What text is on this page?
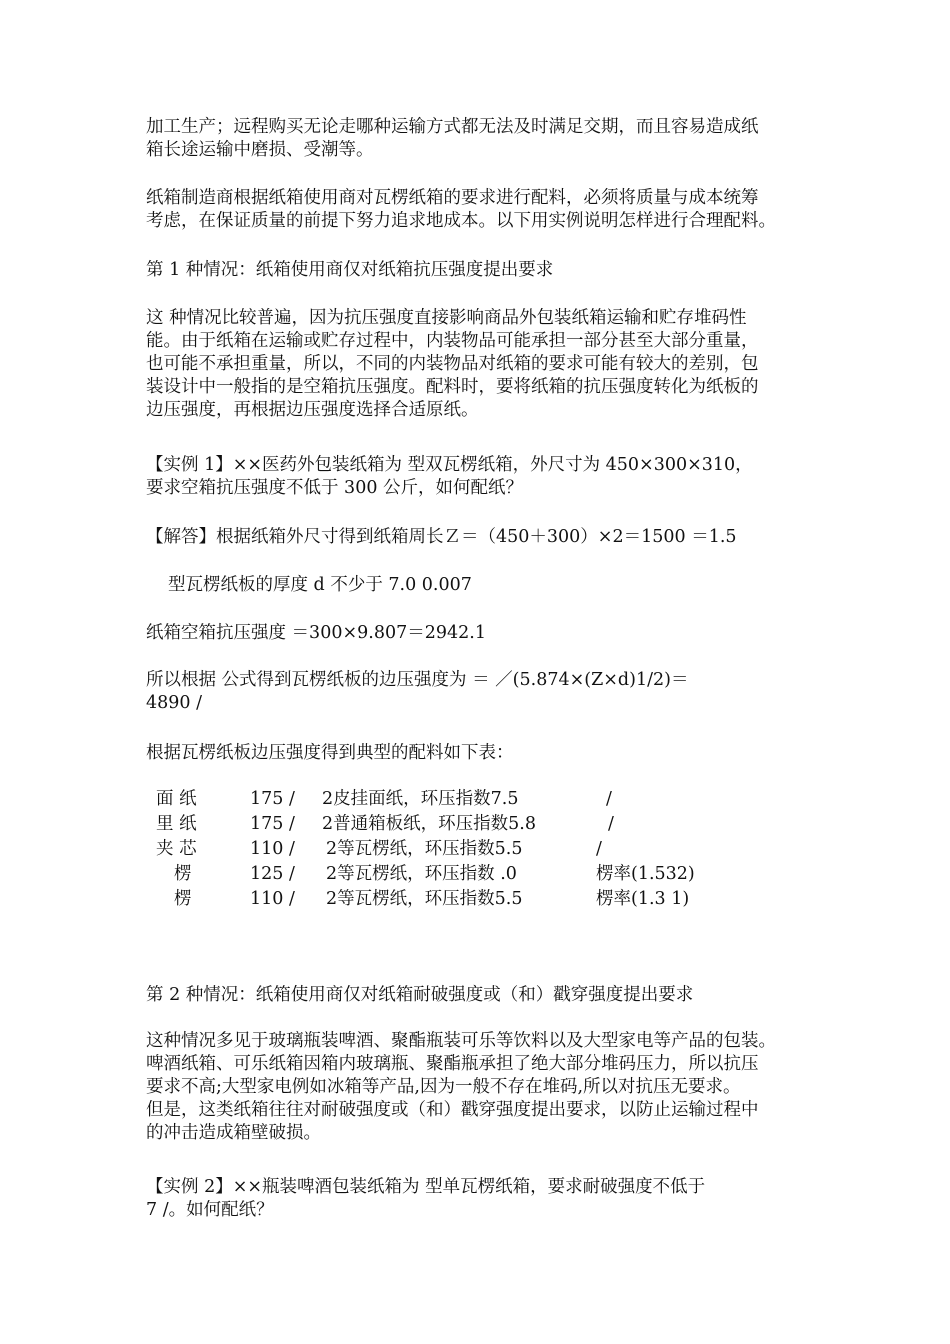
加工生产；远程购买无论走哪种运输方式都无法及时满足交期，而且容易造成纸
箱长途运输中磨损、受潮等。
纸箱制造商根据纸箱使用商对瓦楞纸箱的要求进行配料，必须将质量与成本统筹
考虑，在保证质量的前提下努力追求地成本。以下用实例说明怎样进行合理配料。
第 1 种情况：纸箱使用商仅对纸箱抗压强度提出要求
这 种情况比较普遍，因为抗压强度直接影响商品外包装纸箱运输和贮存堆码性
能。由于纸箱在运输或贮存过程中，内装物品可能承担一部分甚至大部分重量，
也可能不承担重量，所以，不同的内装物品对纸箱的要求可能有较大的差别，包
装设计中一般指的是空箱抗压强度。配料时，要将纸箱的抗压强度转化为纸板的
边压强度，再根据边压强度选择合适原纸。
【实例 1】××医药外包装纸箱为 型双瓦楞纸箱，外尺寸为 450×300×310，
要求空箱抗压强度不低于 300 公斤，如何配纸？
【解答】根据纸箱外尺寸得到纸箱周长Ｚ＝（450＋300）×2＝1500 ＝1.5
型瓦楞纸板的厚度 d 不少于 7.0 0.007
纸箱空箱抗压强度 ＝300×9.807＝2942.1
所以根据 公式得到瓦楞纸板的边压强度为 ＝ ／(5.874×(Z×d)1/2)＝
4890 /
根据瓦楞纸板边压强度得到典型的配料如下表：
面 纸	175 / 2皮挂面纸，环压指数7.5	/
里 纸	175 / 2普通箱板纸，环压指数5.8	/
夹 芯	110 / 2等瓦楞纸，环压指数5.5	/
楞	125 / 2等瓦楞纸，环压指数 .0	楞率(1.532)
楞	110 / 2等瓦楞纸，环压指数5.5	楞率(1.3 1)
第 2 种情况：纸箱使用商仅对纸箱耐破强度或（和）戳穿强度提出要求
这种情况多见于玻璃瓶装啤酒、聚酯瓶装可乐等饮料以及大型家电等产品的包装。
啤酒纸箱、可乐纸箱因箱内玻璃瓶、聚酯瓶承担了绝大部分堆码压力，所以抗压
要求不高;大型家电例如冰箱等产品,因为一般不存在堆码,所以对抗压无要求。
但是，这类纸箱往往对耐破强度或（和）戳穿强度提出要求，以防止运输过程中
的冲击造成箱壁破损。
【实例 2】××瓶装啤酒包装纸箱为 型单瓦楞纸箱，要求耐破强度不低于
7 /。如何配纸？
